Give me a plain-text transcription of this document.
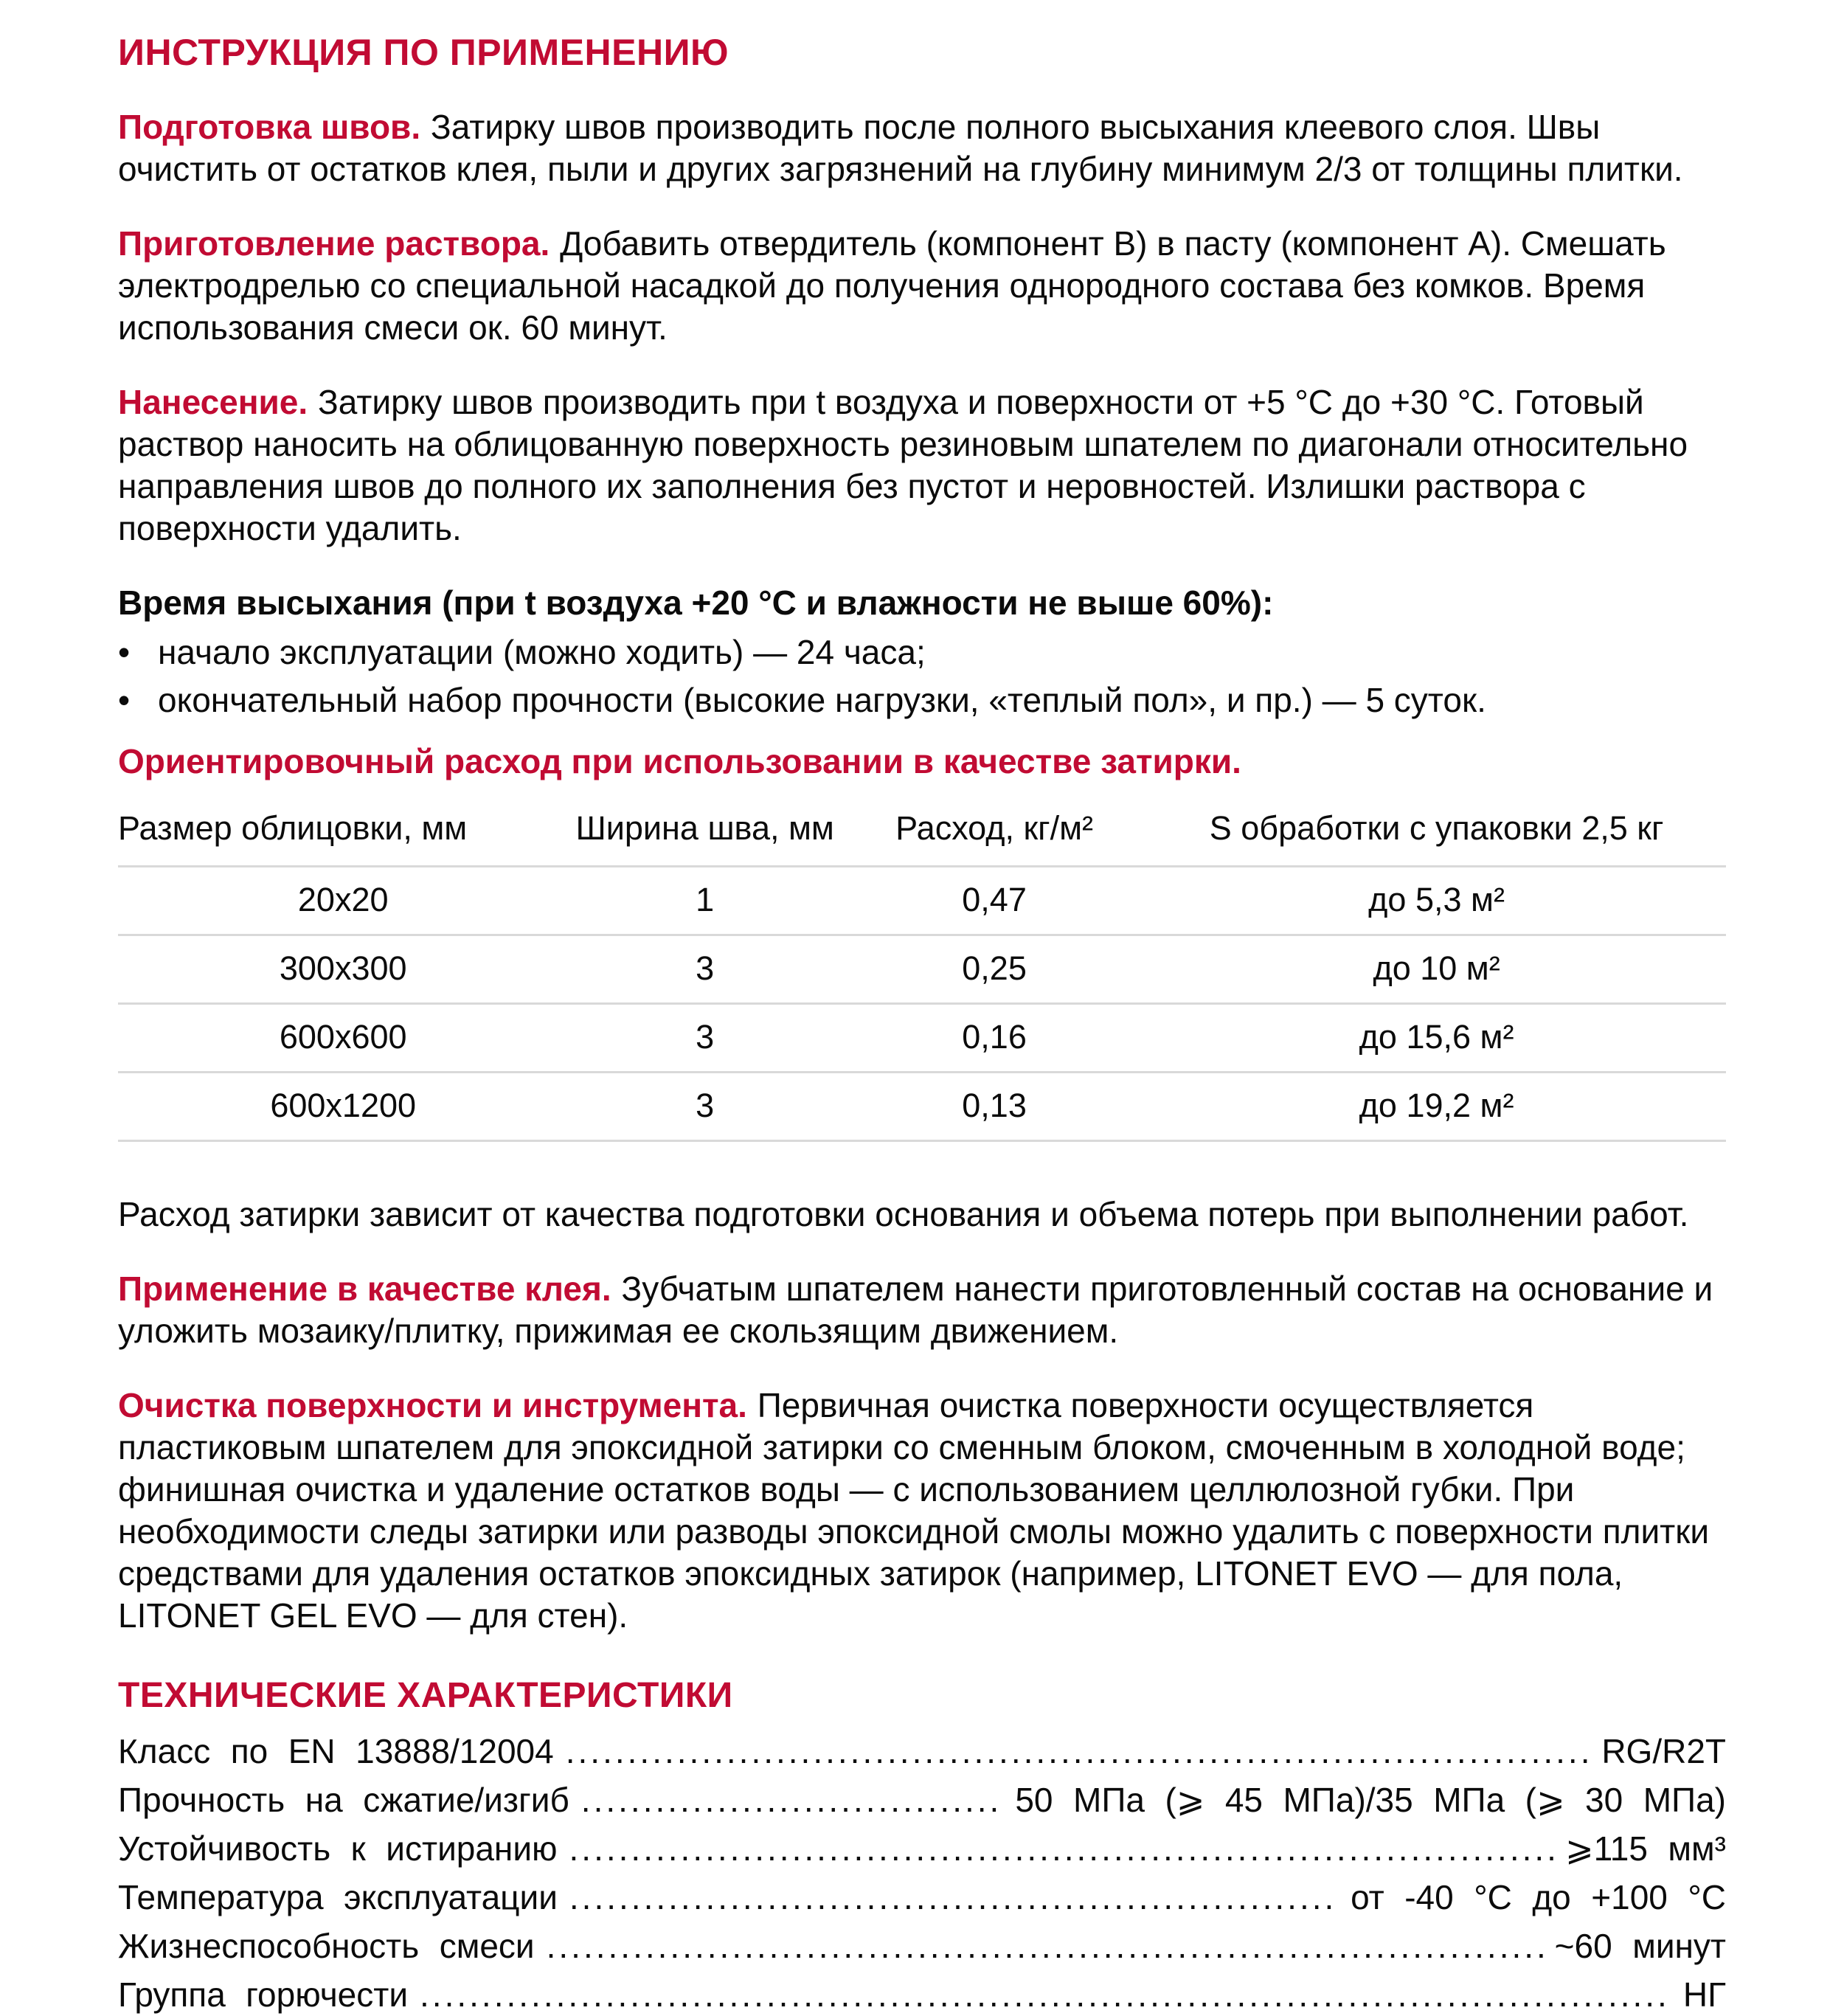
ИНСТРУКЦИЯ ПО ПРИМЕНЕНИЮ

Подготовка швов. Затирку швов производить после полного высыхания клеевого слоя. Швы очистить от остатков клея, пыли и других загрязнений на глубину минимум 2/3 от толщины плитки.

Приготовление раствора. Добавить отвердитель (компонент В) в пасту (компонент А). Смешать электродрелью со специальной насадкой до получения однородного состава без комков. Время использования смеси ок. 60 минут.

Нанесение. Затирку швов производить при t воздуха и поверхности от +5 °C до +30 °C. Готовый раствор наносить на облицованную поверхность резиновым шпателем по диагонали относительно направления швов до полного их заполнения без пустот и неровностей. Излишки раствора с поверхности удалить.

Время высыхания (при t воздуха +20 °C и влажности не выше 60%):

•
начало эксплуатации (можно ходить) — 24 часа;
•
окончательный набор прочности (высокие нагрузки, «теплый пол», и пр.) — 5 суток.

Ориентировочный расход при использовании в качестве затирки.

Размер облицовки, мм	Ширина шва, мм	Расход, кг/м²	S обработки с упаковки 2,5 кг
20x20	1	0,47	до 5,3 м²
300x300	3	0,25	до 10 м²
600x600	3	0,16	до 15,6 м²
600x1200	3	0,13	до 19,2 м²

Расход затирки зависит от качества подготовки основания и объема потерь при выполнении работ.

Применение в качестве клея. Зубчатым шпателем нанести приготовленный состав на основание и уложить мозаику/плитку, прижимая ее скользящим движением.

Очистка поверхности и инструмента. Первичная очистка поверхности осуществляется пластиковым шпателем для эпоксидной затирки со сменным блоком, смоченным в холодной воде; финишная очистка и удаление остатков воды — с использованием целлюлозной губки. При необходимости следы затирки или разводы эпоксидной смолы можно удалить с поверхности плитки средствами для удаления остатков эпоксидных затирок (например, LITONET EVO — для пола, LITONET GEL EVO — для стен).

ТЕХНИЧЕСКИЕ ХАРАКТЕРИСТИКИ
Класс по EN 13888/12004 .....	RG/R2T
Прочность на сжатие/изгиб .....	50 МПа (⩾ 45 МПа)/35 МПа (⩾ 30 МПа)
Устойчивость к истиранию .....	⩾115 мм³
Температура эксплуатации .....	от -40 °C до +100 °C
Жизнеспособность смеси .....	~60 минут
Группа горючести .....	НГ
